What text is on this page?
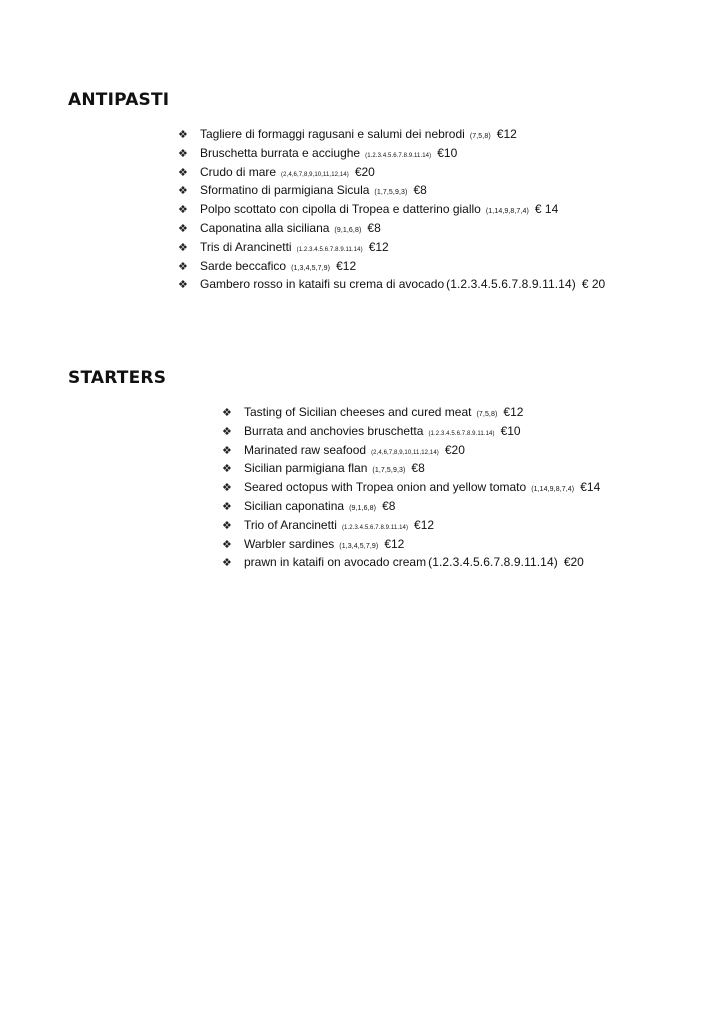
ANTIPASTI
❖	Tagliere di formaggi ragusani e salumi dei nebrodi (7,5,8) €12
❖	Bruschetta burrata e acciughe (1.2.3.4.5.6.7.8.9.11.14) €10
❖	Crudo di mare (2,4,6,7,8,9,10,11,12,14) €20
❖	Sformatino di parmigiana Sicula (1,7,5,9,3) €8
❖	Polpo scottato con cipolla di Tropea e datterino giallo (1,14,9,8,7,4) € 14
❖	Caponatina alla siciliana (9,1,6,8) €8
❖	Tris di Arancinetti (1.2.3.4.5.6.7.8.9.11.14) €12
❖	Sarde beccafico (1,3,4,5,7,9) €12
❖	Gambero rosso in kataifi su crema di avocado (1.2.3.4.5.6.7.8.9.11.14) € 20
STARTERS
❖	Tasting of Sicilian cheeses and cured meat (7,5,8) €12
❖	Burrata and anchovies bruschetta (1.2.3.4.5.6.7.8.9.11.14) €10
❖	Marinated raw seafood (2,4,6,7,8,9,10,11,12,14) €20
❖	Sicilian parmigiana flan (1,7,5,9,3) €8
❖	Seared octopus with Tropea onion and yellow tomato (1,14,9,8,7,4) €14
❖	Sicilian caponatina (9,1,6,8) €8
❖	Trio of Arancinetti (1.2.3.4.5.6.7.8.9.11.14) €12
❖	Warbler sardines (1,3,4,5,7,9) €12
❖	prawn in kataifi on avocado cream (1.2.3.4.5.6.7.8.9.11.14) €20
